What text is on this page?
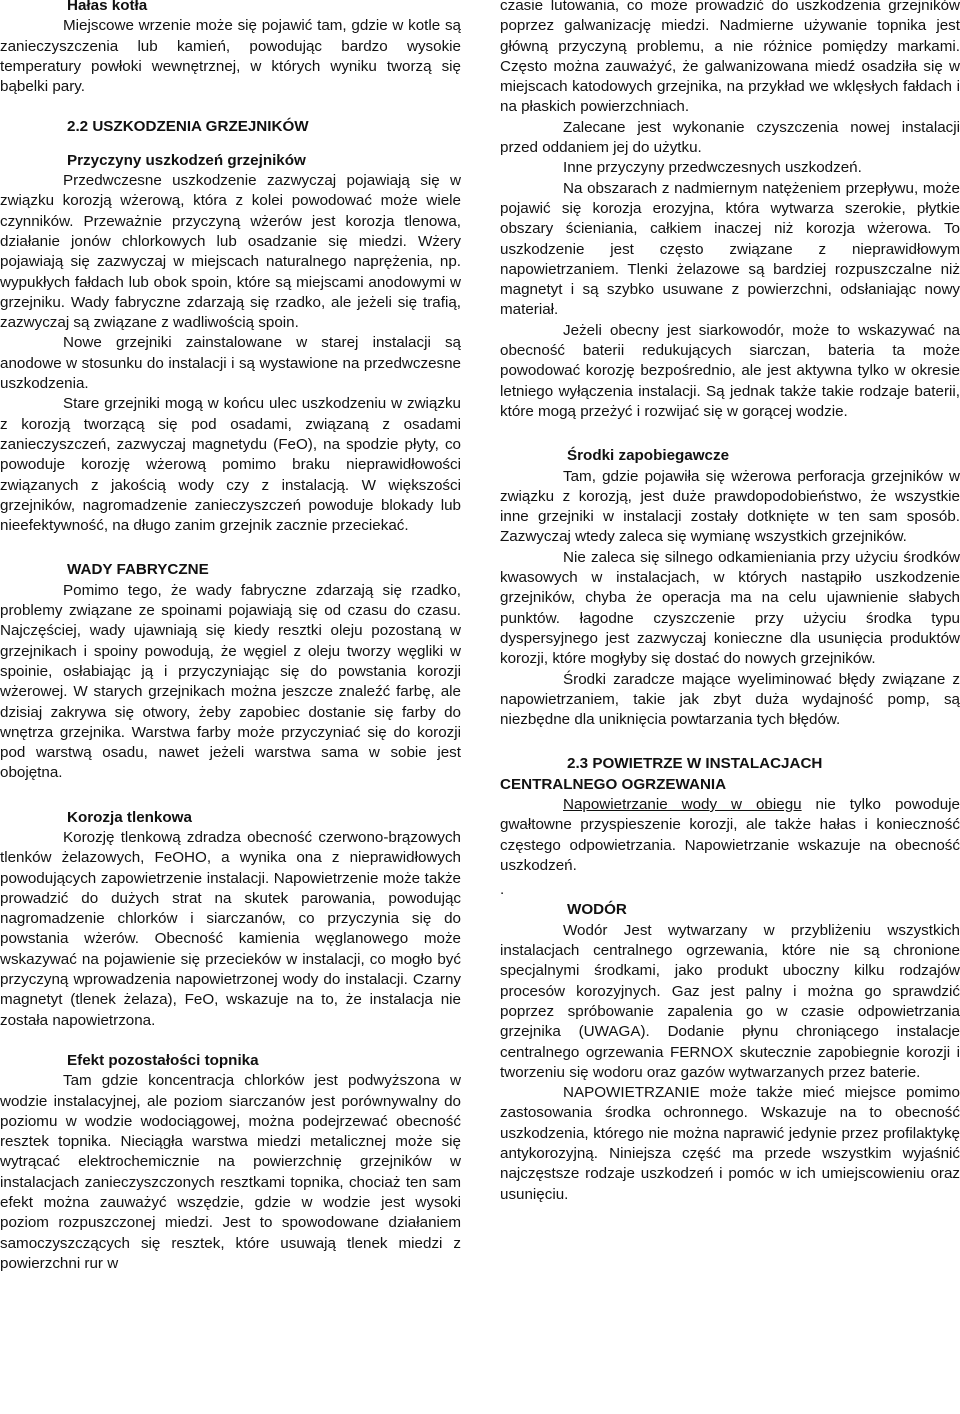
Hałas kotła

Miejscowe wrzenie może się pojawić tam, gdzie w kotle są zanieczyszczenia lub kamień, powodując bardzo wysokie temperatury powłoki wewnętrznej, w których wyniku tworzą się bąbelki pary.

2.2 USZKODZENIA GRZEJNIKÓW

Przyczyny uszkodzeń grzejników

Przedwczesne uszkodzenie zazwyczaj pojawiają się w związku korozją wżerową, która z kolei powodować może wiele czynników. Przeważnie przyczyną wżerów jest korozja tlenowa, działanie jonów chlorkowych lub osadzanie się miedzi. Wżery pojawiają się zazwyczaj w miejscach naturalnego naprężenia, np. wypukłych fałdach lub obok spoin, które są miejscami anodowymi w grzejniku. Wady fabryczne zdarzają się rzadko, ale jeżeli się trafią, zazwyczaj są związane z wadliwością spoin.

Nowe grzejniki zainstalowane w starej instalacji są anodowe w stosunku do instalacji i są wystawione na przedwczesne uszkodzenia.

Stare grzejniki mogą w końcu ulec uszkodzeniu w związku z korozją tworzącą się pod osadami, związaną z osadami zanieczyszczeń, zazwyczaj magnetydu (FeO), na spodzie płyty, co powoduje korozję wżerową pomimo braku nieprawidłowości związanych z jakością wody czy z instalacją. W większości grzejników, nagromadzenie zanieczyszczeń powoduje blokady lub nieefektywność, na długo zanim grzejnik zacznie przeciekać.

WADY FABRYCZNE

Pomimo tego, że wady fabryczne zdarzają się rzadko, problemy związane ze spoinami pojawiają się od czasu do czasu. Najczęściej, wady ujawniają się kiedy resztki oleju pozostaną w grzejnikach i spoiny powodują, że węgiel z oleju tworzy węgliki w spoinie, osłabiając ją i przyczyniając się do powstania korozji wżerowej. W starych grzejnikach można jeszcze znaleźć farbę, ale dzisiaj zakrywa się otwory, żeby zapobiec dostanie się farby do wnętrza grzejnika. Warstwa farby może przyczyniać się do korozji pod warstwą osadu, nawet jeżeli warstwa sama w sobie jest obojętna.

Korozja tlenkowa

Korozję tlenkową zdradza obecność czerwono-brązowych tlenków żelazowych, FeOHO, a wynika ona z nieprawidłowych powodujących zapowietrzenie instalacji. Napowietrzenie może także prowadzić do dużych strat na skutek parowania, powodując nagromadzenie chlorków i siarczanów, co przyczynia się do powstania wżerów. Obecność kamienia węglanowego może wskazywać na pojawienie się przecieków w instalacji, co mogło być przyczyną wprowadzenia napowietrzonej wody do instalacji. Czarny magnetyt (tlenek żelaza), FeO, wskazuje na to, że instalacja nie została napowietrzona.

Efekt pozostałości topnika

Tam gdzie koncentracja chlorków jest podwyższona w wodzie instalacyjnej, ale poziom siarczanów jest porównywalny do poziomu w wodzie wodociągowej, można podejrzewać obecność resztek topnika. Nieciągła warstwa miedzi metalicznej może się wytrącać elektrochemicznie na powierzchnię grzejników w instalacjach zanieczyszczonych resztkami topnika, chociaż ten sam efekt można zauważyć wszędzie, gdzie w wodzie jest wysoki poziom rozpuszczonej miedzi. Jest to spowodowane działaniem samoczyszczących się resztek, które usuwają tlenek miedzi z powierzchni rur w

czasie lutowania, co może prowadzić do uszkodzenia grzejników poprzez galwanizację miedzi. Nadmierne używanie topnika jest główną przyczyną problemu, a nie różnice pomiędzy markami. Często można zauważyć, że galwanizowana miedź osadziła się w miejscach katodowych grzejnika, na przykład we wklęsłych fałdach i na płaskich powierzchniach.

Zalecane jest wykonanie czyszczenia nowej instalacji przed oddaniem jej do użytku.

Inne przyczyny przedwczesnych uszkodzeń.

Na obszarach z nadmiernym natężeniem przepływu, może pojawić się korozja erozyjna, która wytwarza szerokie, płytkie obszary ścieniania, całkiem inaczej niż korozja wżerowa. To uszkodzenie jest często związane z nieprawidłowym napowietrzaniem. Tlenki żelazowe są bardziej rozpuszczalne niż magnetyt i są szybko usuwane z powierzchni, odsłaniając nowy materiał.

Jeżeli obecny jest siarkowodór, może to wskazywać na obecność baterii redukujących siarczan, bateria ta może powodować korozję bezpośrednio, ale jest aktywna tylko w okresie letniego wyłączenia instalacji. Są jednak także takie rodzaje baterii, które mogą przeżyć i rozwijać się w gorącej wodzie.

Środki zapobiegawcze

Tam, gdzie pojawiła się wżerowa perforacja grzejników w związku z korozją, jest duże prawdopodobieństwo, że wszystkie inne grzejniki w instalacji zostały dotknięte w ten sam sposób. Zazwyczaj wtedy zaleca się wymianę wszystkich grzejników.

Nie zaleca się silnego odkamieniania przy użyciu środków kwasowych w instalacjach, w których nastąpiło uszkodzenie grzejników, chyba że operacja ma na celu ujawnienie słabych punktów. łagodne czyszczenie przy użyciu środka typu dyspersyjnego jest zazwyczaj konieczne dla usunięcia produktów korozji, które mogłyby się dostać do nowych grzejników.

Środki zaradcze mające wyeliminować błędy związane z napowietrzaniem, takie jak zbyt duża wydajność pomp, są niezbędne dla uniknięcia powtarzania tych błędów.

2.3 POWIETRZE W INSTALACJACH

CENTRALNEGO OGRZEWANIA

Napowietrzanie wody w obiegu nie tylko powoduje gwałtowne przyspieszenie korozji, ale także hałas i konieczność częstego odpowietrzania. Napowietrzanie wskazuje na obecność uszkodzeń.

.

WODÓR

Wodór Jest wytwarzany w przybliżeniu wszystkich instalacjach centralnego ogrzewania, które nie są chronione specjalnymi środkami, jako produkt uboczny kilku rodzajów procesów korozyjnych. Gaz jest palny i można go sprawdzić poprzez spróbowanie zapalenia go w czasie odpowietrzania grzejnika (UWAGA). Dodanie płynu chroniącego instalacje centralnego ogrzewania FERNOX skutecznie zapobiegnie korozji i tworzeniu się wodoru oraz gazów wytwarzanych przez baterie.

NAPOWIETRZANIE może także mieć miejsce pomimo zastosowania środka ochronnego. Wskazuje na to obecność uszkodzenia, którego nie można naprawić jedynie przez profilaktykę antykorozyjną. Niniejsza część ma przede wszystkim wyjaśnić najczęstsze rodzaje uszkodzeń i pomóc w ich umiejscowieniu oraz usunięciu.
